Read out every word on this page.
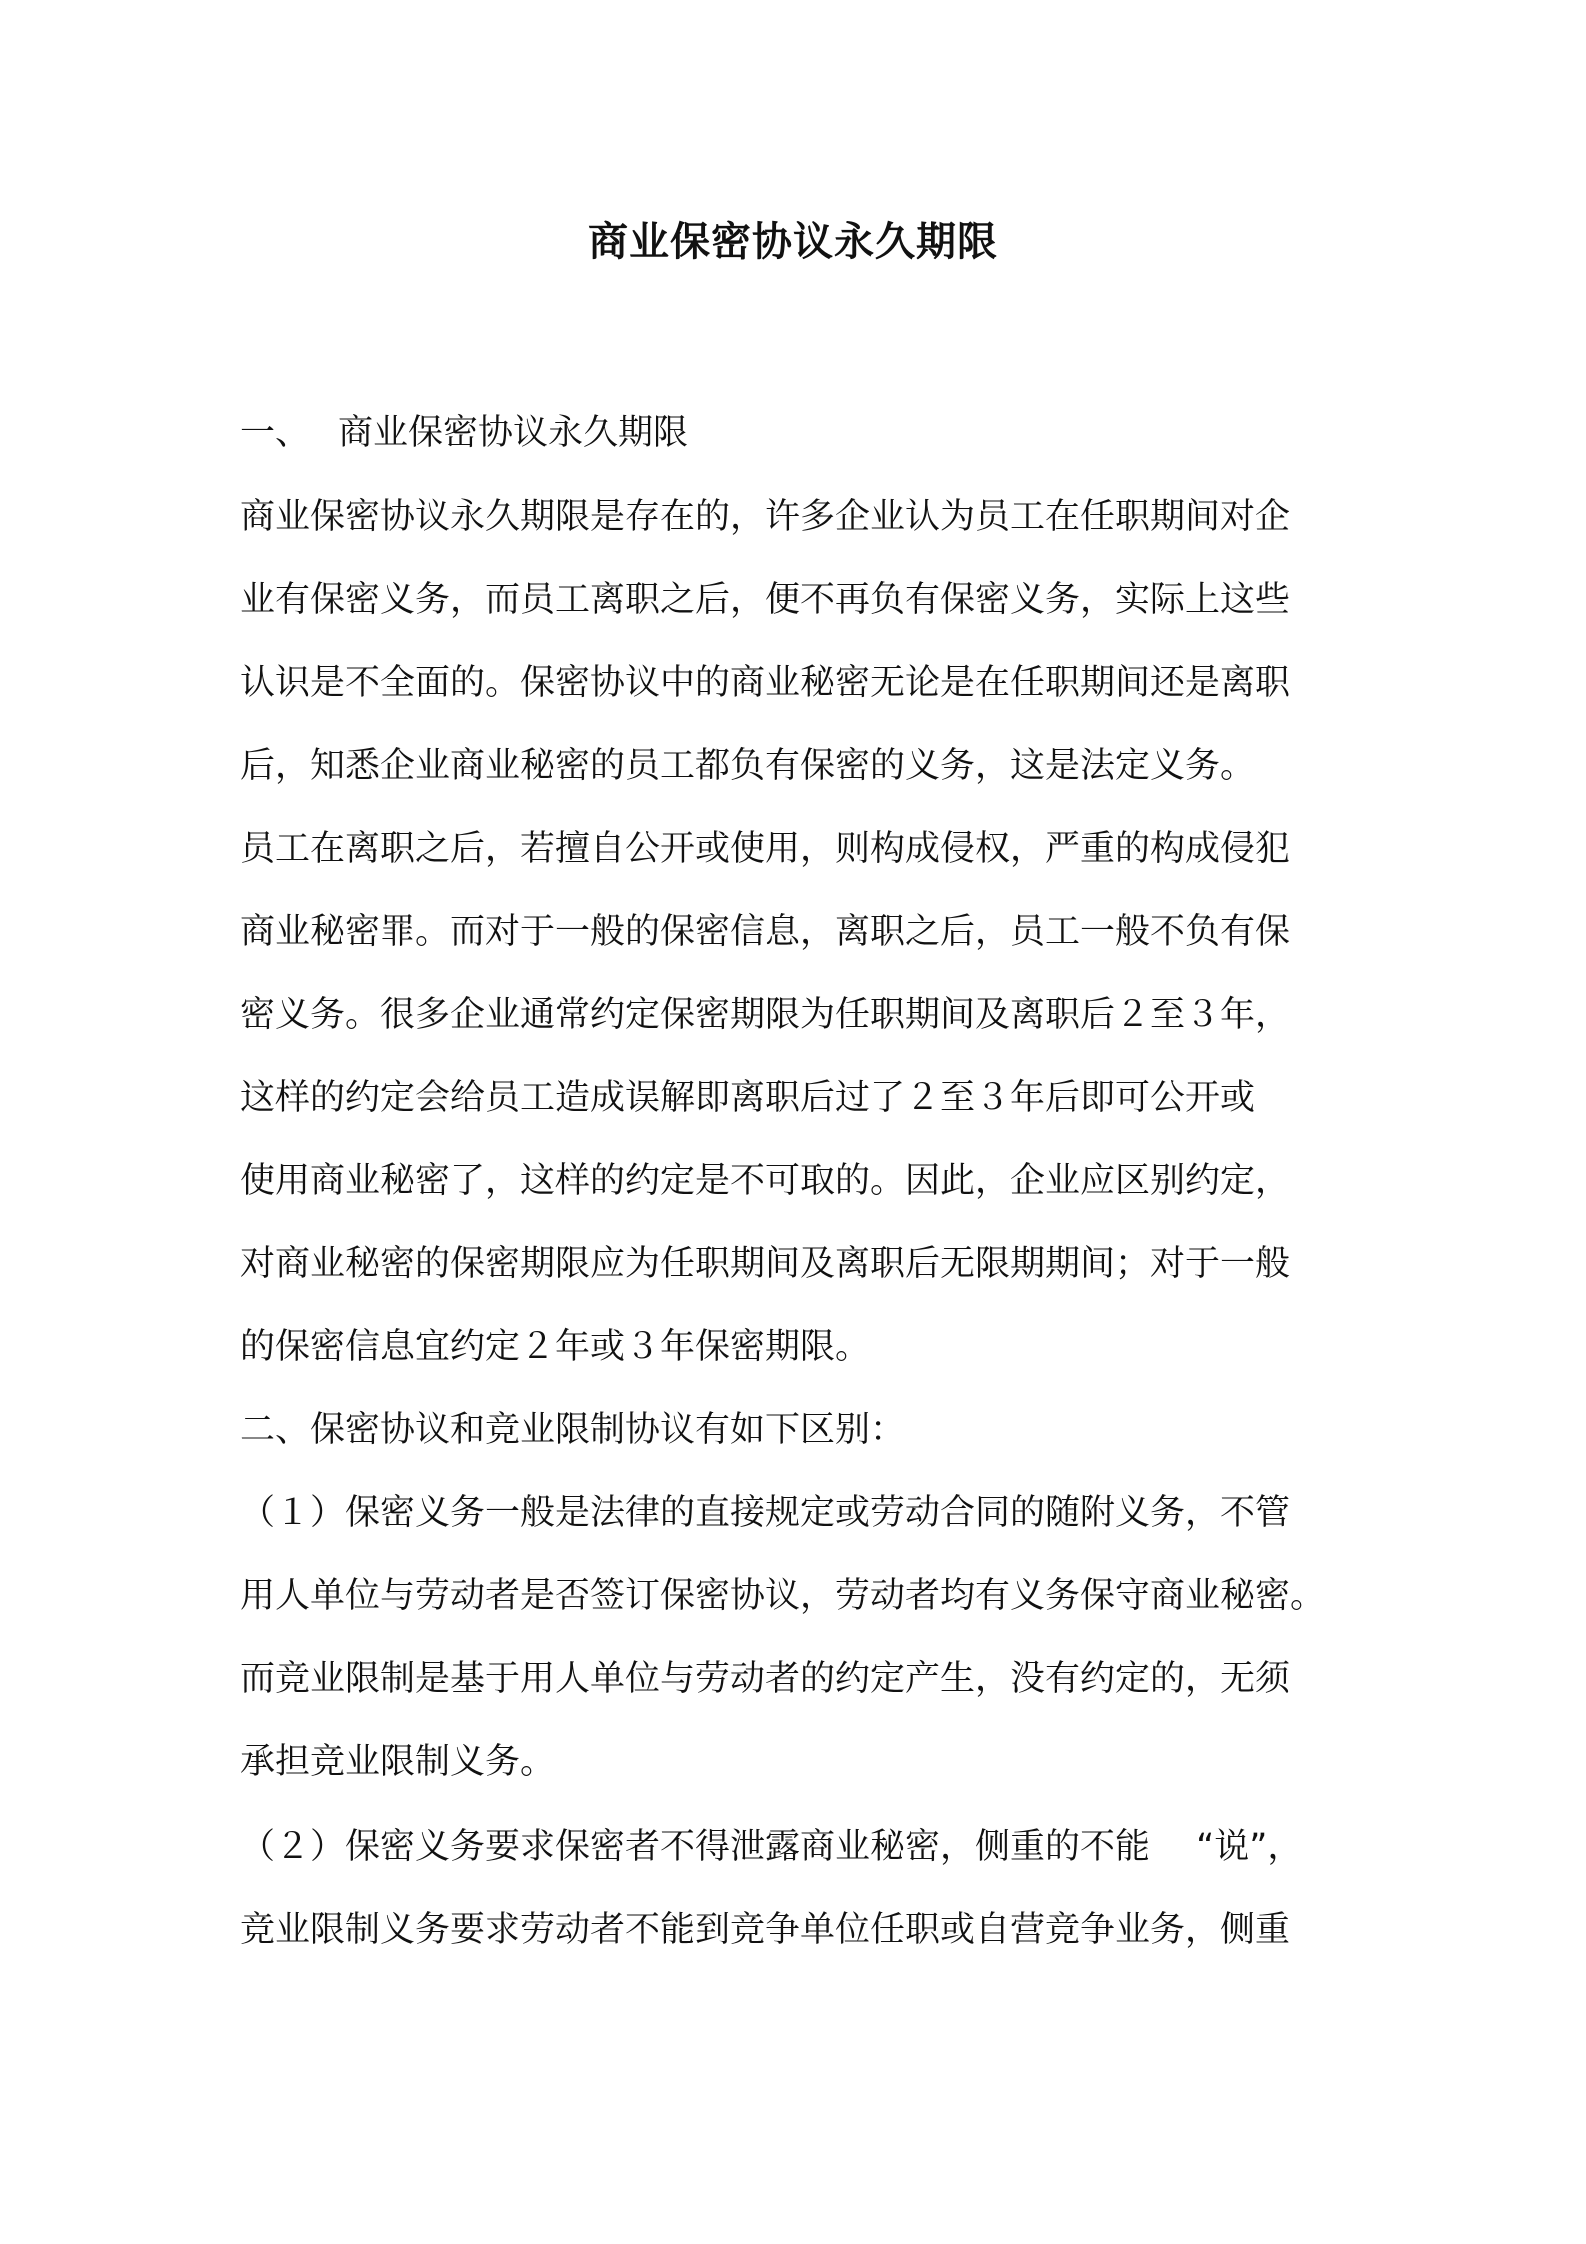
商业保密协议永久期限
一、 商业保密协议永久期限
商业保密协议永久期限是存在的，许多企业认为员工在任职期间对企
业有保密义务，而员工离职之后，便不再负有保密义务，实际上这些
认识是不全面的。保密协议中的商业秘密无论是在任职期间还是离职
后，知悉企业商业秘密的员工都负有保密的义务，这是法定义务。
员工在离职之后，若擅自公开或使用，则构成侵权，严重的构成侵犯
商业秘密罪。而对于一般的保密信息，离职之后，员工一般不负有保
密义务。很多企业通常约定保密期限为任职期间及离职后２至３年，
这样的约定会给员工造成误解即离职后过了２至３年后即可公开或
使用商业秘密了，这样的约定是不可取的。因此，企业应区别约定，
对商业秘密的保密期限应为任职期间及离职后无限期期间；对于一般
的保密信息宜约定２年或３年保密期限。
二、保密协议和竞业限制协议有如下区别：
（１）保密义务一般是法律的直接规定或劳动合同的随附义务，不管
用人单位与劳动者是否签订保密协议，劳动者均有义务保守商业秘密。
而竞业限制是基于用人单位与劳动者的约定产生，没有约定的，无须
承担竞业限制义务。
（２）保密义务要求保密者不得泄露商业秘密，侧重的不能　 “说”，
竞业限制义务要求劳动者不能到竞争单位任职或自营竞争业务，侧重
